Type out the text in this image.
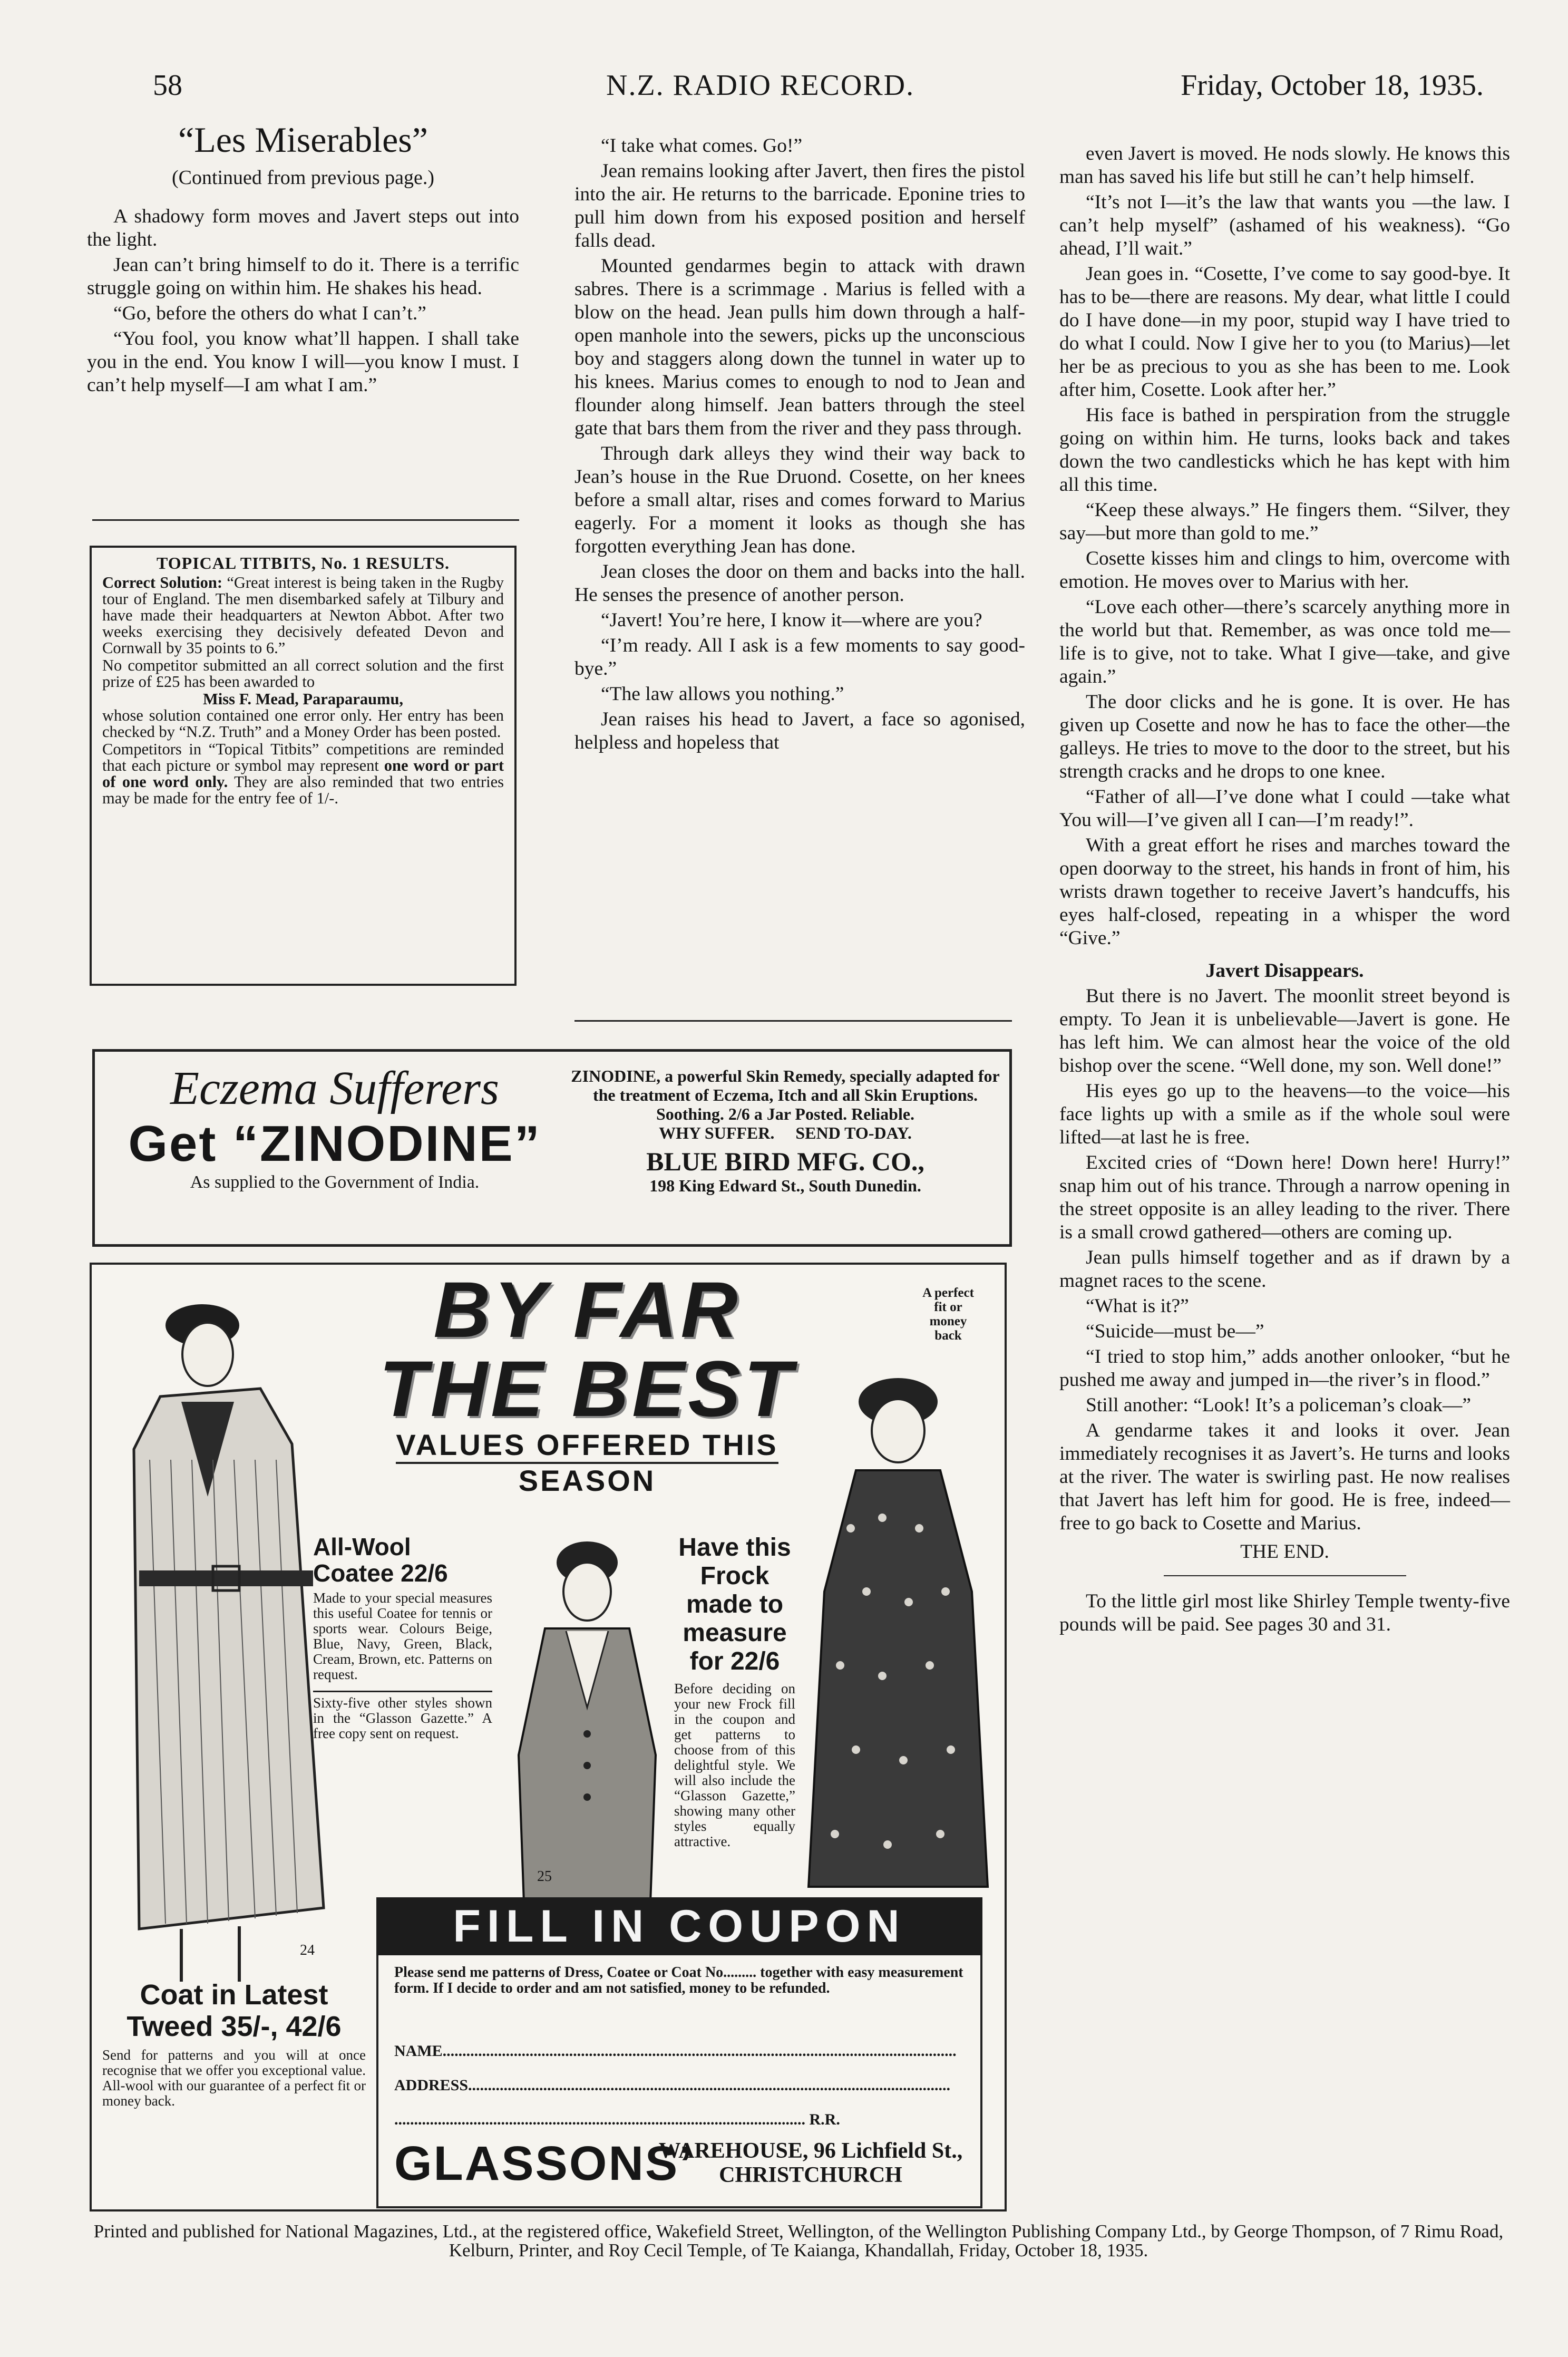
58	N.Z. RADIO RECORD.	Friday, October 18, 1935.
“Les Miserables”
(Continued from previous page.)

A shadowy form moves and Javert steps out into the light.

Jean can’t bring himself to do it. There is a terrific struggle going on within him. He shakes his head.

“Go, before the others do what I can’t.”

“You fool, you know what’ll happen. I shall take you in the end. You know I will—you know I must. I can’t help myself—I am what I am.”

TOPICAL TITBITS, No. 1 RESULTS.

Correct Solution: “Great interest is being taken in the Rugby tour of England. The men disembarked safely at Tilbury and have made their headquarters at Newton Abbot. After two weeks exercising they decisively defeated Devon and Cornwall by 35 points to 6.”

No competitor submitted an all correct solution and the first prize of £25 has been awarded to

Miss F. Mead, Paraparaumu,

whose solution contained one error only. Her entry has been checked by “N.Z. Truth” and a Money Order has been posted.

Competitors in “Topical Titbits” competitions are reminded that each picture or symbol may represent one word or part of one word only. They are also reminded that two entries may be made for the entry fee of 1/-.

“I take what comes. Go!”

Jean remains looking after Javert, then fires the pistol into the air. He returns to the barricade. Eponine tries to pull him down from his exposed position and herself falls dead.

Mounted gendarmes begin to attack with drawn sabres. There is a scrimmage . Marius is felled with a blow on the head. Jean pulls him down through a half-open manhole into the sewers, picks up the unconscious boy and staggers along down the tunnel in water up to his knees. Marius comes to enough to nod to Jean and flounder along himself. Jean batters through the steel gate that bars them from the river and they pass through.

Through dark alleys they wind their way back to Jean’s house in the Rue Druond. Cosette, on her knees before a small altar, rises and comes forward to Marius eagerly. For a moment it looks as though she has forgotten everything Jean has done.

Jean closes the door on them and backs into the hall. He senses the presence of another person.

“Javert! You’re here, I know it—where are you?

“I’m ready. All I ask is a few moments to say good-bye.”

“The law allows you nothing.”

Jean raises his head to Javert, a face so agonised, helpless and hopeless that

even Javert is moved. He nods slowly. He knows this man has saved his life but still he can’t help himself.

“It’s not I—it’s the law that wants you —the law. I can’t help myself” (ashamed of his weakness). “Go ahead, I’ll wait.”

Jean goes in. “Cosette, I’ve come to say good-bye. It has to be—there are reasons. My dear, what little I could do I have done—in my poor, stupid way I have tried to do what I could. Now I give her to you (to Marius)—let her be as precious to you as she has been to me. Look after him, Cosette. Look after her.”

His face is bathed in perspiration from the struggle going on within him. He turns, looks back and takes down the two candlesticks which he has kept with him all this time.

“Keep these always.” He fingers them. “Silver, they say—but more than gold to me.”

Cosette kisses him and clings to him, overcome with emotion. He moves over to Marius with her.

“Love each other—there’s scarcely anything more in the world but that. Remember, as was once told me—life is to give, not to take. What I give—take, and give again.”

The door clicks and he is gone. It is over. He has given up Cosette and now he has to face the other—the galleys. He tries to move to the door to the street, but his strength cracks and he drops to one knee.

“Father of all—I’ve done what I could —take what You will—I’ve given all I can—I’m ready!”.

With a great effort he rises and marches toward the open doorway to the street, his hands in front of him, his wrists drawn together to receive Javert’s handcuffs, his eyes half-closed, repeating in a whisper the word “Give.”

Javert Disappears.

But there is no Javert. The moonlit street beyond is empty. To Jean it is unbelievable—Javert is gone. He has left him. We can almost hear the voice of the old bishop over the scene. “Well done, my son. Well done!”

His eyes go up to the heavens—to the voice—his face lights up with a smile as if the whole soul were lifted—at last he is free.

Excited cries of “Down here! Down here! Hurry!” snap him out of his trance. Through a narrow opening in the street opposite is an alley leading to the river. There is a small crowd gathered—others are coming up.

Jean pulls himself together and as if drawn by a magnet races to the scene.

“What is it?”

“Suicide—must be—”

“I tried to stop him,” adds another onlooker, “but he pushed me away and jumped in—the river’s in flood.”

Still another: “Look! It’s a policeman’s cloak—”

A gendarme takes it and looks it over. Jean immediately recognises it as Javert’s. He turns and looks at the river. The water is swirling past. He now realises that Javert has left him for good. He is free, indeed—free to go back to Cosette and Marius.

THE END.

To the little girl most like Shirley Temple twenty-five pounds will be paid. See pages 30 and 31.

Eczema Sufferers
Get “ZINODINE”
As supplied to the Government of India.
ZINODINE, a powerful Skin Remedy, specially adapted for the treatment of Eczema, Itch and all Skin Eruptions.
Soothing. 2/6 a Jar Posted. Reliable.
WHY SUFFER.     SEND TO-DAY.
BLUE BIRD MFG. CO.,
198 King Edward St., South Dunedin.
BY FAR
THE BEST
VALUES OFFERED THIS
SEASON
A perfect fit or money back
All-Wool Coatee 22/6
Made to your special measures this useful Coatee for tennis or sports wear. Colours Beige, Blue, Navy, Green, Black, Cream, Brown, etc. Patterns on request.
Sixty-five other styles shown in the “Glasson Gazette.” A free copy sent on request.
Have this Frock made to measure for 22/6
Before deciding on your new Frock fill in the coupon and get patterns to choose from of this delightful style. We will also include the “Glasson Gazette,” showing many other styles equally attractive.
25
24
Coat in Latest Tweed 35/-, 42/6
Send for patterns and you will at once recognise that we offer you exceptional value. All-wool with our guarantee of a perfect fit or money back.
FILL IN COUPON
Please send me patterns of Dress, Coatee or Coat No......... together with easy measurement form. If I decide to order and am not satisfied, money to be refunded.
NAME..................................................................................................................................
ADDRESS..........................................................................................................................
........................................................................................................ R.R.
GLASSONS’
WAREHOUSE, 96 Lichfield St., CHRISTCHURCH
Printed and published for National Magazines, Ltd., at the registered office, Wakefield Street, Wellington, of the Wellington Publishing Company Ltd., by George Thompson, of 7 Rimu Road, Kelburn, Printer, and Roy Cecil Temple, of Te Kaianga, Khandallah, Friday, October 18, 1935.
